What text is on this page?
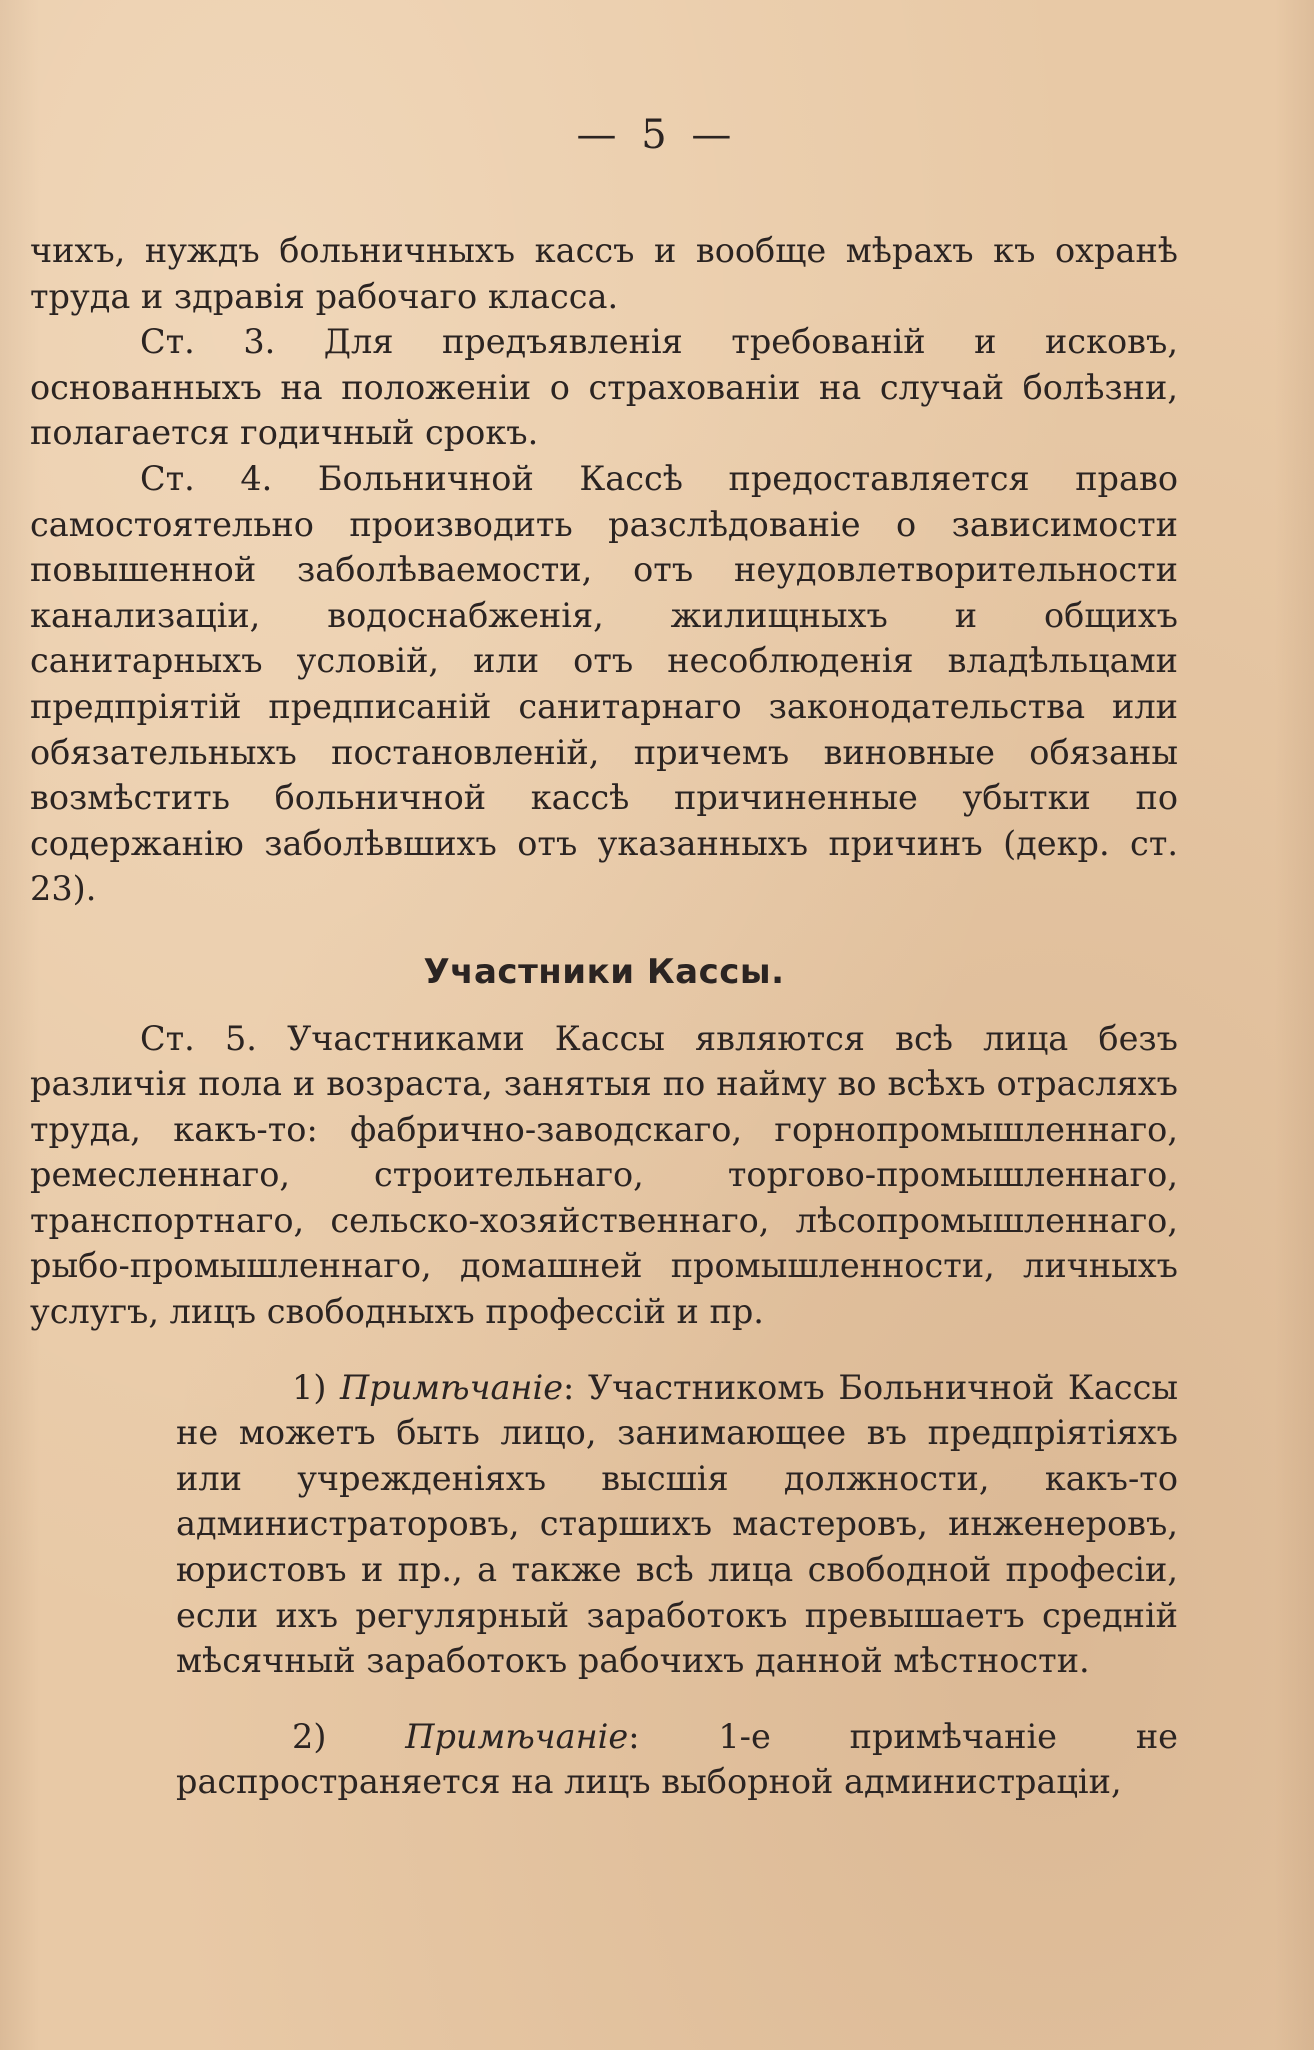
— 5 —

чихъ, нуждъ больничныхъ кассъ и вообще мѣрахъ къ охранѣ труда и здравія рабочаго класса.

Ст. 3. Для предъявленія требованій и исковъ, основанныхъ на положеніи о страхованіи на случай болѣзни, полагается годичный срокъ.

Ст. 4. Больничной Кассѣ предоставляется право самостоятельно производить разслѣдованіе о зависимости повышенной заболѣваемости, отъ неудовлетворительности канализаціи, водоснабженія, жилищныхъ и общихъ санитарныхъ условій, или отъ несоблюденія владѣльцами предпріятій предписаній санитарнаго законодательства или обязательныхъ постановленій, причемъ виновные обязаны возмѣстить больничной кассѣ причиненные убытки по содержанію заболѣвшихъ отъ указанныхъ причинъ (декр. ст. 23).

Участники Кассы.

Ст. 5. Участниками Кассы являются всѣ лица безъ различія пола и возраста, занятыя по найму во всѣхъ отрасляхъ труда, какъ-то: фабрично-заводскаго, горнопромышленнаго, ремесленнаго, строительнаго, торгово-промышленнаго, транспортнаго, сельско-хозяйственнаго, лѣсопромышленнаго, рыбо-промышленнаго, домашней промышленности, личныхъ услугъ, лицъ свободныхъ профессій и пр.

1) Примѣчаніе: Участникомъ Больничной Кассы не можетъ быть лицо, занимающее въ предпріятіяхъ или учрежденіяхъ высшія должности, какъ-то администраторовъ, старшихъ мастеровъ, инженеровъ, юристовъ и пр., а также всѣ лица свободной професіи, если ихъ регулярный заработокъ превышаетъ средній мѣсячный заработокъ рабочихъ данной мѣстности.

2) Примѣчаніе: 1-е примѣчаніе не распространяется на лицъ выборной администраціи,
